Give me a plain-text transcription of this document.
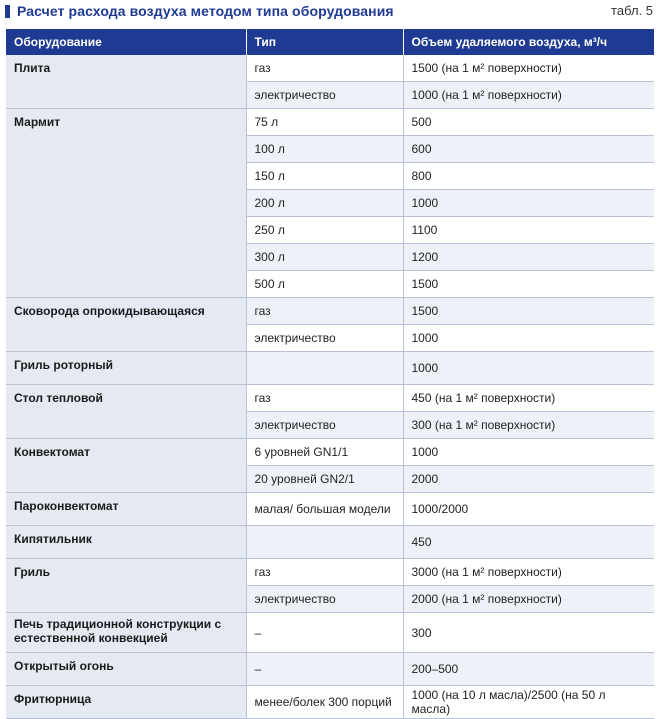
Расчет расхода воздуха методом типа оборудования	табл. 5
Оборудование	Тип	Объем удаляемого воздуха, м³/ч
Плита	газ	1500 (на 1 м² поверхности)
	электричество	1000 (на 1 м² поверхности)
Мармит	75 л	500
	100 л	600
	150 л	800
	200 л	1000
	250 л	1100
	300 л	1200
	500 л	1500
Сковорода опрокидывающаяся	газ	1500
	электричество	1000
Гриль роторный		1000
Стол тепловой	газ	450 (на 1 м² поверхности)
	электричество	300 (на 1 м² поверхности)
Конвектомат	6 уровней GN1/1	1000
	20 уровней GN2/1	2000
Пароконвектомат	малая/ большая модели	1000/2000
Кипятильник		450
Гриль	газ	3000 (на 1 м² поверхности)
	электричество	2000 (на 1 м² поверхности)
Печь традиционной конструкции с естественной конвекцией	–	300
Открытый огонь	–	200–500
Фритюрница	менее/болек 300 порций	1000 (на 10 л масла)/2500 (на 50 л масла)
